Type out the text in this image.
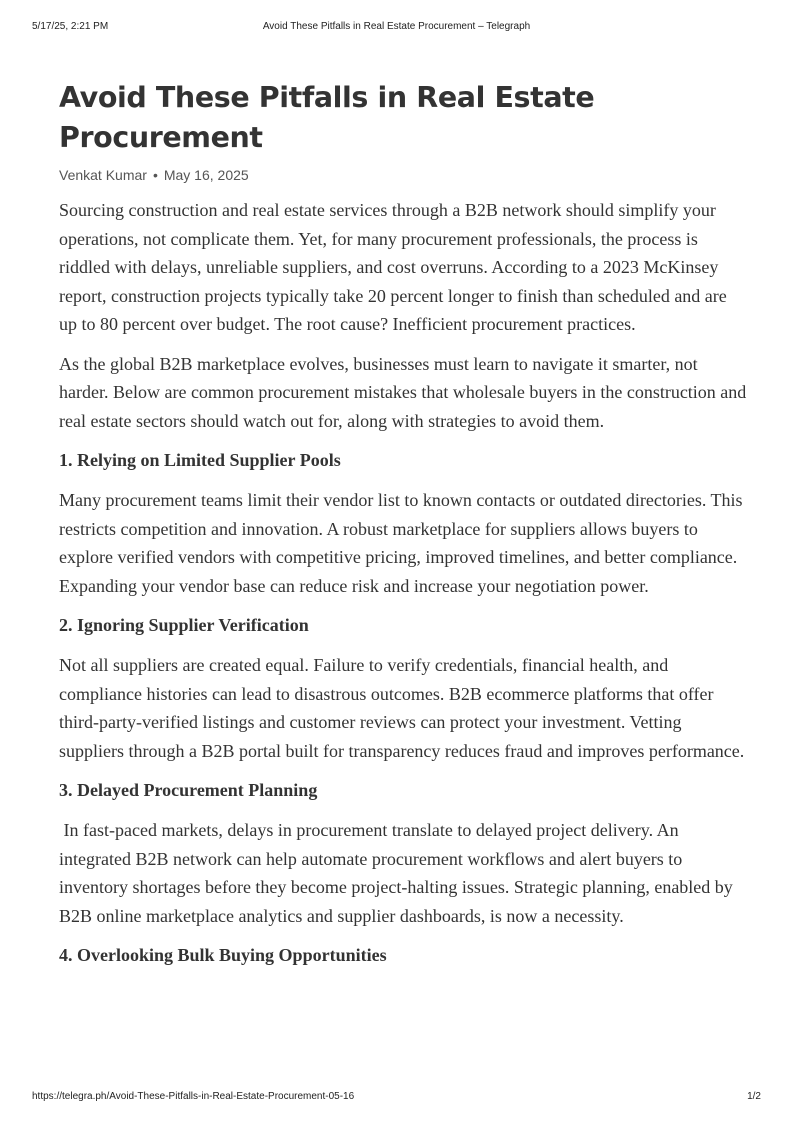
5/17/25, 2:21 PM	Avoid These Pitfalls in Real Estate Procurement – Telegraph
Avoid These Pitfalls in Real Estate Procurement
Venkat Kumar • May 16, 2025

Sourcing construction and real estate services through a B2B network should simplify your operations, not complicate them. Yet, for many procurement professionals, the process is riddled with delays, unreliable suppliers, and cost overruns. According to a 2023 McKinsey report, construction projects typically take 20 percent longer to finish than scheduled and are up to 80 percent over budget. The root cause? Inefficient procurement practices.

As the global B2B marketplace evolves, businesses must learn to navigate it smarter, not harder. Below are common procurement mistakes that wholesale buyers in the construction and real estate sectors should watch out for, along with strategies to avoid them.

1. Relying on Limited Supplier Pools

Many procurement teams limit their vendor list to known contacts or outdated directories. This restricts competition and innovation. A robust marketplace for suppliers allows buyers to explore verified vendors with competitive pricing, improved timelines, and better compliance. Expanding your vendor base can reduce risk and increase your negotiation power.

2. Ignoring Supplier Verification

Not all suppliers are created equal. Failure to verify credentials, financial health, and compliance histories can lead to disastrous outcomes. B2B ecommerce platforms that offer third-party-verified listings and customer reviews can protect your investment. Vetting suppliers through a B2B portal built for transparency reduces fraud and improves performance.

3. Delayed Procurement Planning

In fast-paced markets, delays in procurement translate to delayed project delivery. An integrated B2B network can help automate procurement workflows and alert buyers to inventory shortages before they become project-halting issues. Strategic planning, enabled by B2B online marketplace analytics and supplier dashboards, is now a necessity.

4. Overlooking Bulk Buying Opportunities
https://telegra.ph/Avoid-These-Pitfalls-in-Real-Estate-Procurement-05-16	1/2
